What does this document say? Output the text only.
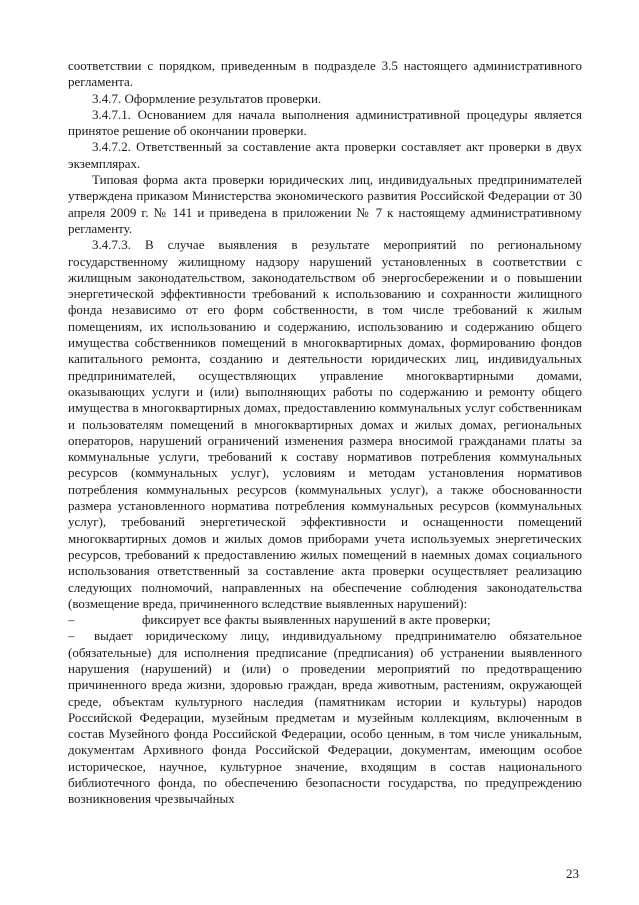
соответствии с порядком, приведенным в подразделе 3.5 настоящего административного регламента.

3.4.7. Оформление результатов проверки.

3.4.7.1. Основанием для начала выполнения административной процедуры является принятое решение об окончании проверки.

3.4.7.2. Ответственный за составление акта проверки составляет акт проверки в двух экземплярах.

Типовая форма акта проверки юридических лиц, индивидуальных предпринимателей утверждена приказом Министерства экономического развития Российской Федерации от 30 апреля 2009 г. № 141 и приведена в приложении № 7 к настоящему административному регламенту.

3.4.7.3. В случае выявления в результате мероприятий по региональному государственному жилищному надзору нарушений установленных в соответствии с жилищным законодательством, законодательством об энергосбережении и о повышении энергетической эффективности требований к использованию и сохранности жилищного фонда независимо от его форм собственности, в том числе требований к жилым помещениям, их использованию и содержанию, использованию и содержанию общего имущества собственников помещений в многоквартирных домах, формированию фондов капитального ремонта, созданию и деятельности юридических лиц, индивидуальных предпринимателей, осуществляющих управление многоквартирными домами, оказывающих услуги и (или) выполняющих работы по содержанию и ремонту общего имущества в многоквартирных домах, предоставлению коммунальных услуг собственникам и пользователям помещений в многоквартирных домах и жилых домах, региональных операторов, нарушений ограничений изменения размера вносимой гражданами платы за коммунальные услуги, требований к составу нормативов потребления коммунальных ресурсов (коммунальных услуг), условиям и методам установления нормативов потребления коммунальных ресурсов (коммунальных услуг), а также обоснованности размера установленного норматива потребления коммунальных ресурсов (коммунальных услуг), требований энергетической эффективности и оснащенности помещений многоквартирных домов и жилых домов приборами учета используемых энергетических ресурсов, требований к предоставлению жилых помещений в наемных домах социального использования ответственный за составление акта проверки осуществляет реализацию следующих полномочий, направленных на обеспечение соблюдения законодательства (возмещение вреда, причиненного вследствие выявленных нарушений):

–	фиксирует все факты выявленных нарушений в акте проверки;

– выдает юридическому лицу, индивидуальному предпринимателю обязательное (обязательные) для исполнения предписание (предписания) об устранении выявленного нарушения (нарушений) и (или) о проведении мероприятий по предотвращению причиненного вреда жизни, здоровью граждан, вреда животным, растениям, окружающей среде, объектам культурного наследия (памятникам истории и культуры) народов Российской Федерации, музейным предметам и музейным коллекциям, включенным в состав Музейного фонда Российской Федерации, особо ценным, в том числе уникальным, документам Архивного фонда Российской Федерации, документам, имеющим особое историческое, научное, культурное значение, входящим в состав национального библиотечного фонда, по обеспечению безопасности государства, по предупреждению возникновения чрезвычайных

23
